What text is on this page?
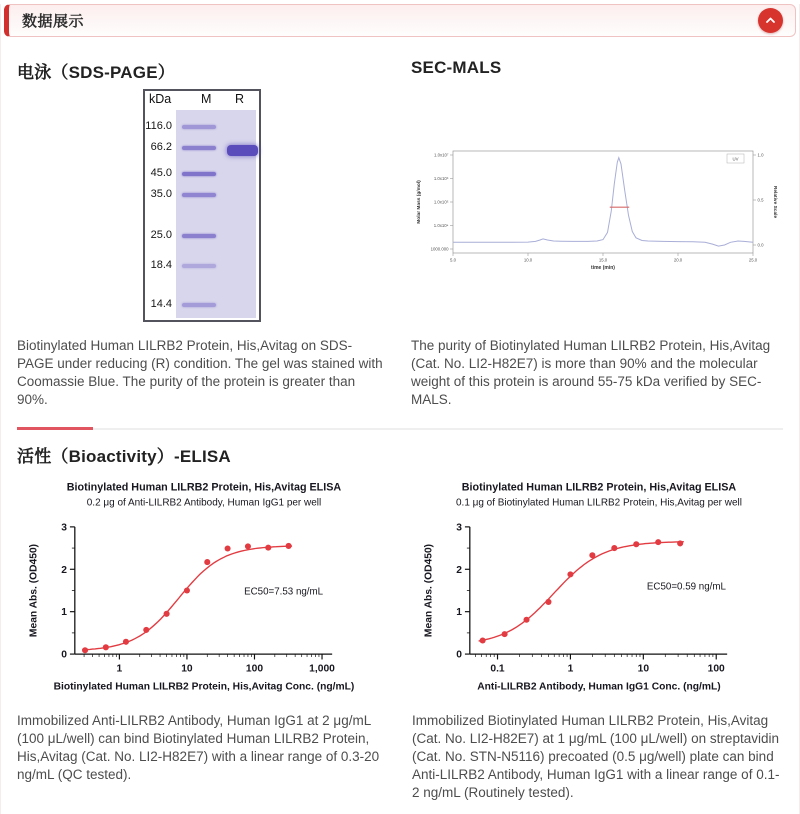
数据展示
电泳（SDS-PAGE）	SEC-MALS
kDa M R
116.0
66.2
45.0
35.0
25.0
18.4
14.4
1.0x10⁷
1.0x10⁶
1.0x10⁵
1.0x10⁴
1000.000
1.0
0.5
0.0
5.0	10.0	15.0	20.0	25.0
time (min)
Molar Mass (g/mol)	Relative Scale
UV

Biotinylated Human LILRB2 Protein, His,Avitag on SDS-PAGE under reducing (R) condition. The gel was stained with Coomassie Blue. The purity of the protein is greater than 90%.

The purity of Biotinylated Human LILRB2 Protein, His,Avitag (Cat. No. LI2-H82E7) is more than 90% and the molecular weight of this protein is around 55-75 kDa verified by SEC-MALS.

活性（Bioactivity）-ELISA
Biotinylated Human LILRB2 Protein, His,Avitag ELISA
0.2 μg of Anti-LILRB2 Antibody, Human IgG1 per well
0
1
2
3
1	10	100	1,000
Mean Abs. (OD450)
Biotinylated Human LILRB2 Protein, His,Avitag Conc. (ng/mL)
EC50=7.53 ng/mL
Biotinylated Human LILRB2 Protein, His,Avitag ELISA
0.1 μg of Biotinylated Human LILRB2 Protein, His,Avitag per well
0
1
2
3
0.1	1	10	100
Mean Abs. (OD450)
Anti-LILRB2 Antibody, Human IgG1 Conc. (ng/mL)
EC50=0.59 ng/mL

Immobilized Anti-LILRB2 Antibody, Human IgG1 at 2 μg/mL (100 μL/well) can bind Biotinylated Human LILRB2 Protein, His,Avitag (Cat. No. LI2-H82E7) with a linear range of 0.3-20 ng/mL (QC tested).

Immobilized Biotinylated Human LILRB2 Protein, His,Avitag (Cat. No. LI2-H82E7) at 1 μg/mL (100 μL/well) on streptavidin (Cat. No. STN-N5116) precoated (0.5 μg/well) plate can bind Anti-LILRB2 Antibody, Human IgG1 with a linear range of 0.1-2 ng/mL (Routinely tested).
